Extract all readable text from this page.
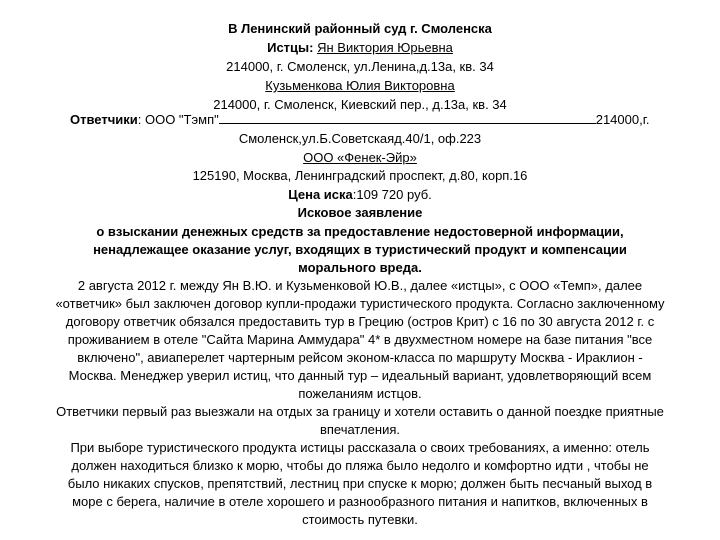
В Ленинский районный суд г. Смоленска
Истцы: Ян Виктория Юрьевна
214000, г. Смоленск, ул.Ленина,д.13а, кв. 34
Кузьменкова Юлия Викторовна
214000, г. Смоленск, Киевский пер., д.13а, кв. 34
Ответчики: ООО "Тэмп"	214000,г.
Смоленск,ул.Б.Советскаяд.40/1, оф.223
ООО «Фенек-Эйр»
125190, Москва, Ленинградский проспект, д.80, корп.16
Цена иска:109 720 руб.
Исковое заявление
о взыскании денежных средств за предоставление недостоверной информации,
ненадлежащее оказание услуг, входящих в туристический продукт и компенсации
морального вреда.
2 августа 2012 г. между Ян В.Ю. и Кузьменковой Ю.В., далее «истцы», с ООО «Темп», далее
«ответчик» был заключен договор купли-продажи туристического продукта. Согласно заключенному
договору ответчик обязался предоставить тур в Грецию (остров Крит) с 16 по 30 августа 2012 г. с
проживанием в отеле "Сайта Марина Аммудара" 4* в двухместном номере на базе питания "все
включено", авиаперелет чартерным рейсом эконом-класса по маршруту Москва - Ираклион -
Москва. Менеджер уверил истиц, что данный тур – идеальный вариант, удовлетворяющий всем
пожеланиям истцов.
Ответчики первый раз выезжали на отдых за границу и хотели оставить о данной поездке приятные
впечатления.
При выборе туристического продукта истицы рассказала о своих требованиях, а именно: отель
должен находиться близко к морю, чтобы до пляжа было недолго и комфортно идти , чтобы не
было никаких спусков, препятствий, лестниц при спуске к морю; должен быть песчаный выход в
море с берега, наличие в отеле хорошего и разнообразного питания и напитков, включенных в
стоимость путевки.
